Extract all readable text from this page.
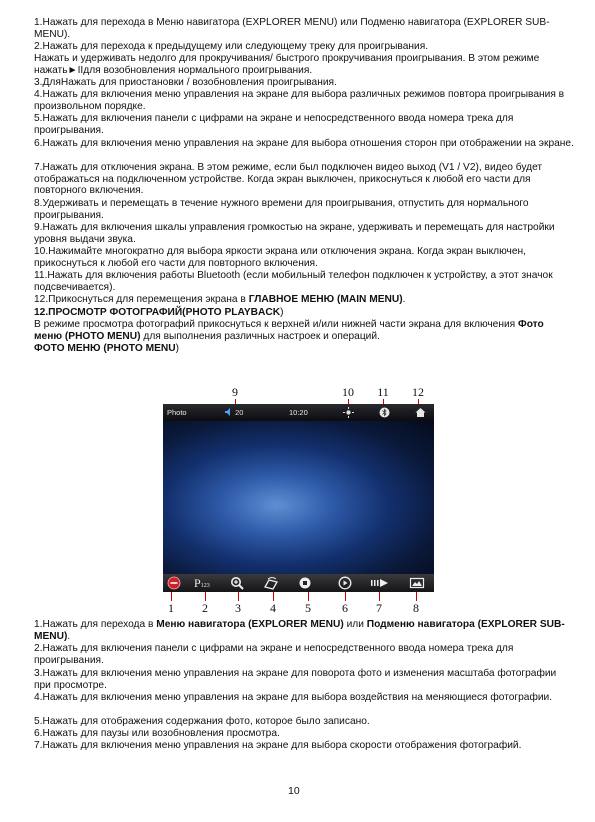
1.Нажать для перехода в Меню навигатора (EXPLORER MENU) или Подменю навигатора (EXPLORER SUB-MENU).
2.Нажать для перехода к предыдущему или следующему треку для проигрывания.
Нажать и удерживать недолго для прокручивания/ быстрого прокручивания проигрывания. В этом режиме нажать►IIдля возобновления нормального проигрывания.
3.ДляНажать для приостановки / возобновления проигрывания.
4.Нажать для включения меню управления на экране для выбора различных режимов повтора проигрывания в произвольном порядке.
5.Нажать для включения панели с цифрами на экране и непосредственного ввода номера трека для проигрывания.
6.Нажать для включения меню управления на экране для выбора отношения сторон при отображении на экране.
7.Нажать для отключения экрана. В этом режиме, если был подключен видео выход (V1 / V2), видео будет отображаться на подключенном устройстве. Когда экран выключен, прикоснуться к любой его части для повторного включения.
8.Удерживать и перемещать в течение нужного времени для проигрывания, отпустить для нормального проигрывания.
9.Нажать для включения шкалы управления громкостью на экране, удерживать и перемещать для настройки уровня выдачи звука.
10.Нажимайте многократно для выбора яркости экрана или отключения экрана. Когда экран выключен, прикоснуться к любой его части для повторного включения.
11.Нажать для включения работы Bluetooth (если мобильный телефон подключен к устройству, а этот значок подсвечивается).
12.Прикоснуться для перемещения экрана в ГЛАВНОЕ МЕНЮ (MAIN MENU).
12.ПРОСМОТР ФОТОГРАФИЙ(PHOTO PLAYBACK)
В режиме просмотра фотографий прикоснуться к верхней и/или нижней части экрана для включения Фото меню (PHOTO MENU) для выполнения различных настроек и операций.
ФОТО МЕНЮ (PHOTO MENU)
9	10 11 12
Photo	20	10:20
P123
1	2	3	4	5	6	7	8
1.Нажать для перехода в Меню навигатора (EXPLORER MENU) или Подменю навигатора (EXPLORER SUB-MENU).
2.Нажать для включения панели с цифрами на экране и непосредственного ввода номера трека для проигрывания.
3.Нажать для включения меню управления на экране для поворота фото и изменения масштаба фотографии при просмотре.
4.Нажать для включения меню управления на экране для выбора воздействия на меняющиеся фотографии.
5.Нажать для отображения содержания фото, которое было записано.
6.Нажать для паузы или возобновления просмотра.
7.Нажать для включения меню управления на экране для выбора скорости отображения фотографий.
10
